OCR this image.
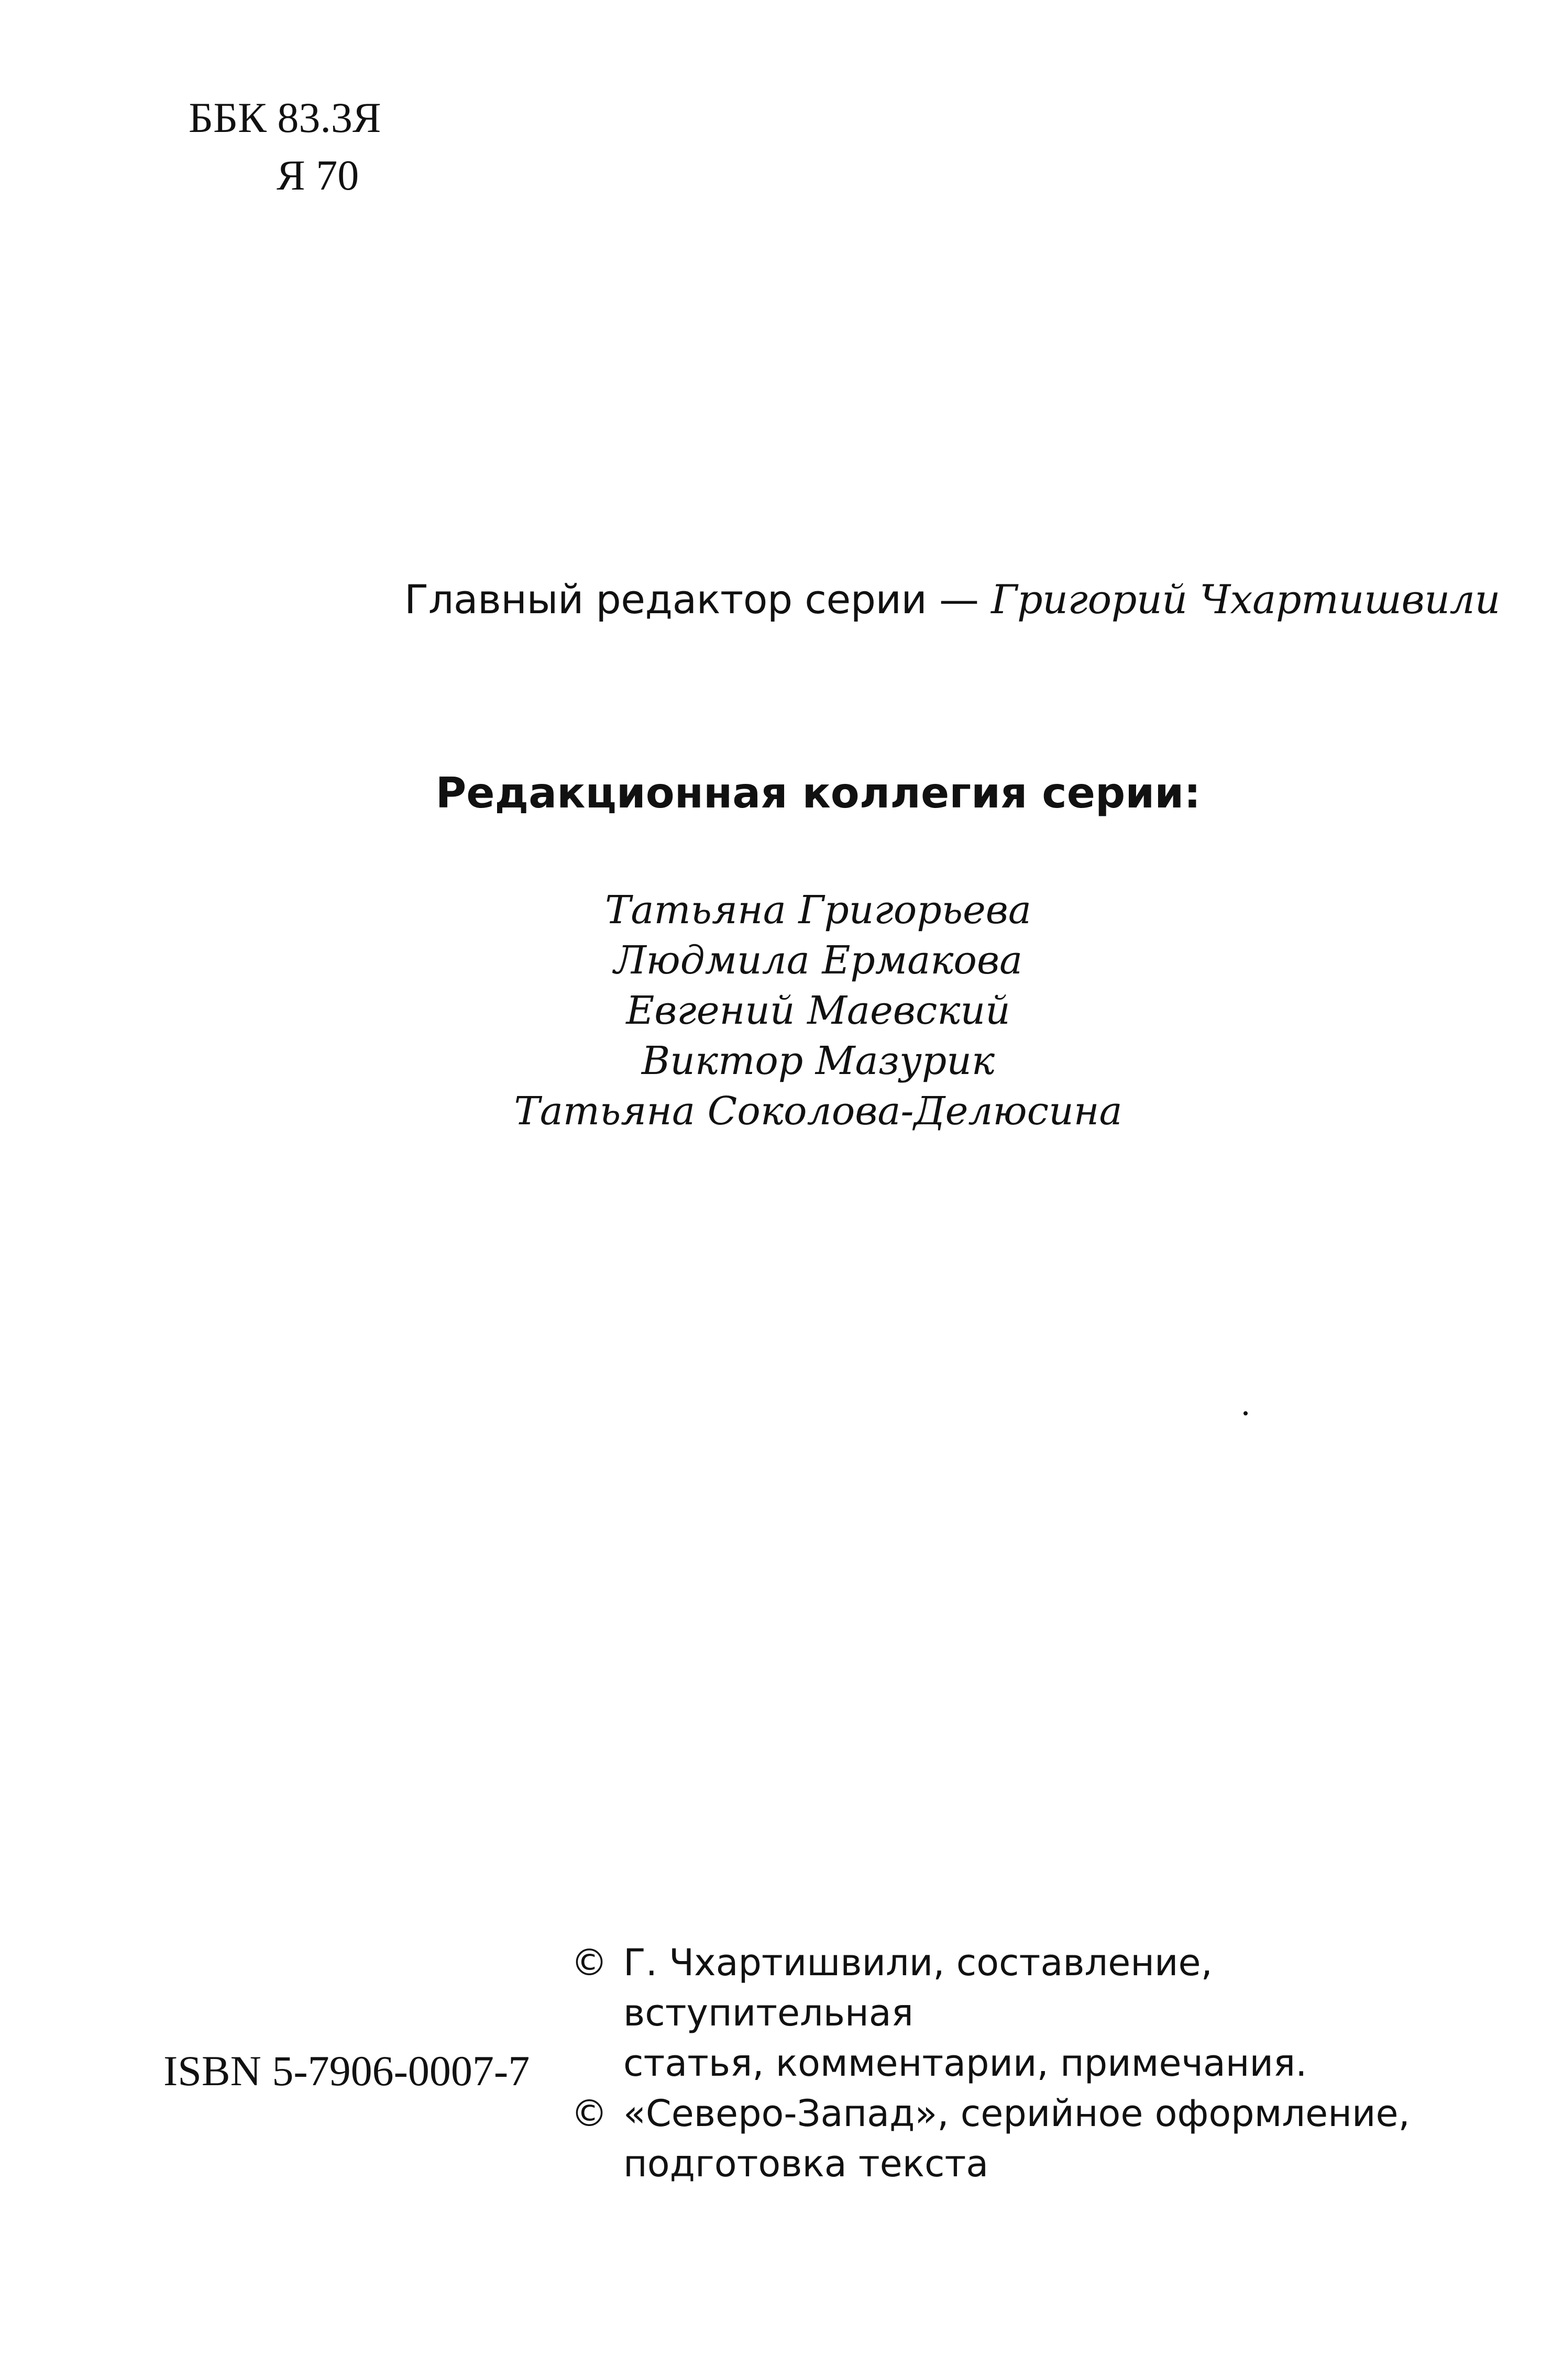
ББК 83.3Я
Я 70
Главный редактор серии — Григорий Чхартишвили
Редакционная коллегия серии:
Татьяна Григорьева
Людмила Ермакова
Евгений Маевский
Виктор Мазурик
Татьяна Соколова-Делюсина
© Г. Чхартишвили, составление, вступительная
статья, комментарии, примечания.
© «Северо-Запад», серийное оформление,
подготовка текста
ISBN 5-7906-0007-7
